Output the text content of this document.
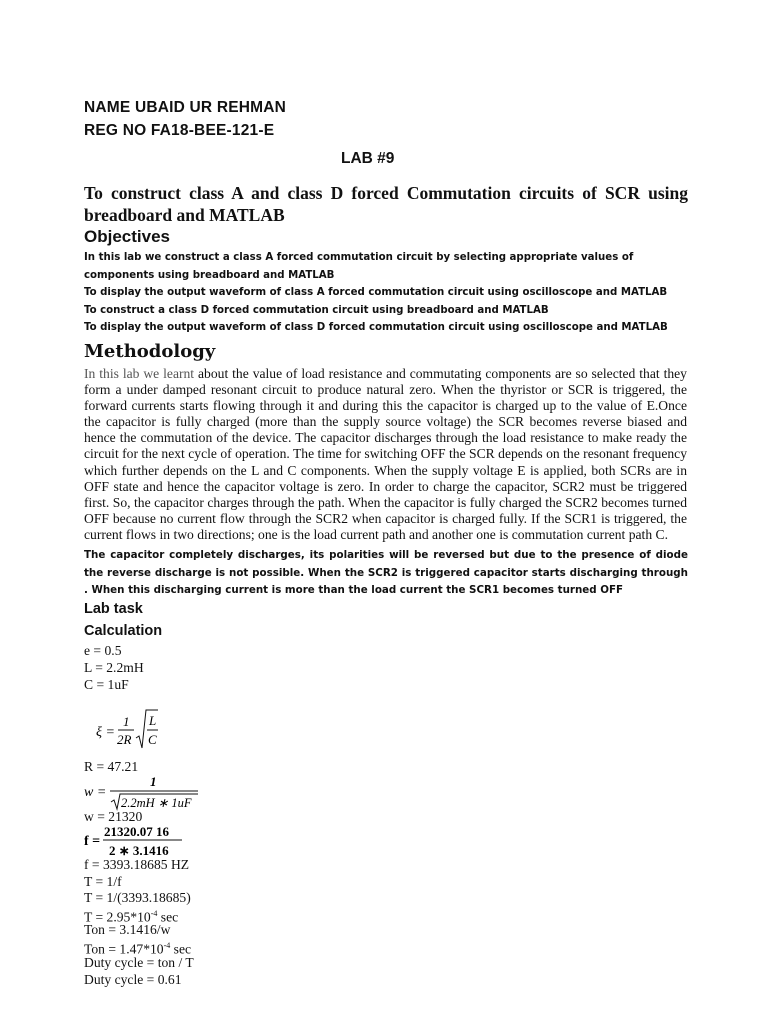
NAME UBAID UR REHMAN
REG NO FA18-BEE-121-E
LAB #9
To construct class A and class D forced Commutation circuits of SCR using breadboard and MATLAB
Objectives
In this lab we construct a class A forced commutation circuit by selecting appropriate values of components using breadboard and MATLAB
To display the output waveform of class A forced commutation circuit using oscilloscope and MATLAB
To construct a class D forced commutation circuit using breadboard and MATLAB
To display the output waveform of class D forced commutation circuit using oscilloscope and MATLAB
Methodology
In this lab we learnt about the value of load resistance and commutating components are so selected that they form a under damped resonant circuit to produce natural zero. When the thyristor or SCR is triggered, the forward currents starts flowing through it and during this the capacitor is charged up to the value of E.Once the capacitor is fully charged (more than the supply source voltage) the SCR becomes reverse biased and hence the commutation of the device. The capacitor discharges through the load resistance to make ready the circuit for the next cycle of operation. The time for switching OFF the SCR depends on the resonant frequency which further depends on the L and C components. When the supply voltage E is applied, both SCRs are in OFF state and hence the capacitor voltage is zero. In order to charge the capacitor, SCR2 must be triggered first. So, the capacitor charges through the path. When the capacitor is fully charged the SCR2 becomes turned OFF because no current flow through the SCR2 when capacitor is charged fully. If the SCR1 is triggered, the current flows in two directions; one is the load current path and another one is commutation current path C.
The capacitor completely discharges, its polarities will be reversed but due to the presence of diode the reverse discharge is not possible. When the SCR2 is triggered capacitor starts discharging through . When this discharging current is more than the load current the SCR1 becomes turned OFF
Lab task
Calculation
e = 0.5
L = 2.2mH
C = 1uF
ξ =
1
2R
L
C
R = 47.21
w =
1
2.2mH ∗ 1uF
w = 21320
f =
21320.07 16
2 ∗ 3.1416
f = 3393.18685 HZ
T = 1/f
T = 1/(3393.18685)
$T = 2.95*10^{-4}$ sec
Ton = 3.1416/w
Ton = $1.47*10^{-4}$ sec
Duty cycle = ton / T
Duty cycle = 0.61
